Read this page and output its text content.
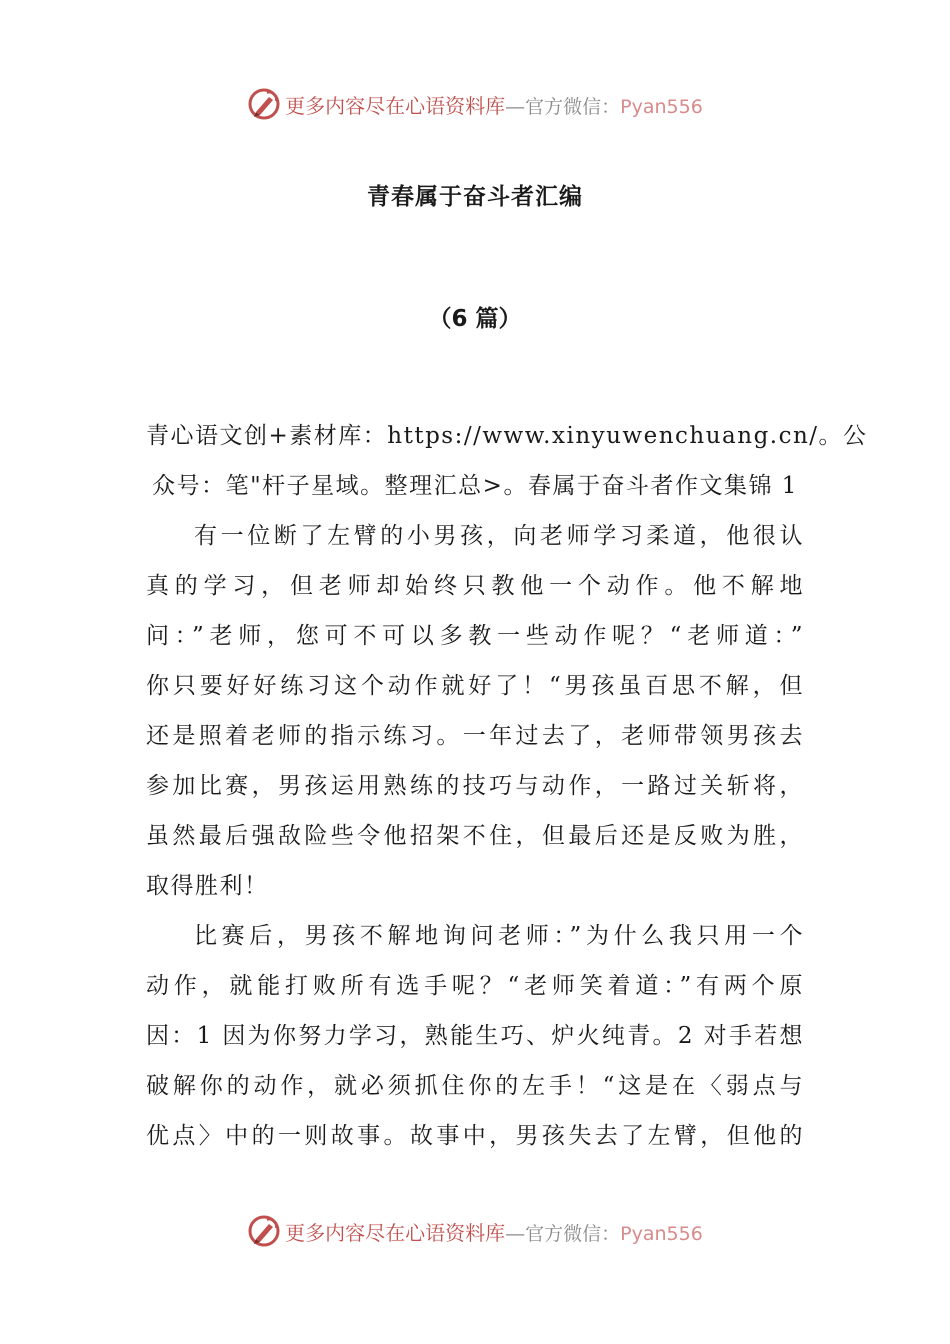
更多内容尽在心语资料库—官方微信：Pyan556
青春属于奋斗者汇编
（6 篇）
青心语文创+素材库：https://www.xinyuwenchuang.cn/。公
众号：笔"杆子星域。整理汇总>。春属于奋斗者作文集锦 1
有一位断了左臂的小男孩，向老师学习柔道，他很认
真的学习，但老师却始终只教他一个动作。他不解地
问：”老师，您可不可以多教一些动作呢？“老师道：”
你只要好好练习这个动作就好了！“男孩虽百思不解，但
还是照着老师的指示练习。一年过去了，老师带领男孩去
参加比赛，男孩运用熟练的技巧与动作，一路过关斩将，
虽然最后强敌险些令他招架不住，但最后还是反败为胜，
取得胜利！
比赛后，男孩不解地询问老师：”为什么我只用一个
动作，就能打败所有选手呢？“老师笑着道：”有两个原
因：1 因为你努力学习，熟能生巧、炉火纯青。2 对手若想
破解你的动作，就必须抓住你的左手！“这是在〈弱点与
优点〉中的一则故事。故事中，男孩失去了左臂，但他的
更多内容尽在心语资料库—官方微信：Pyan556
